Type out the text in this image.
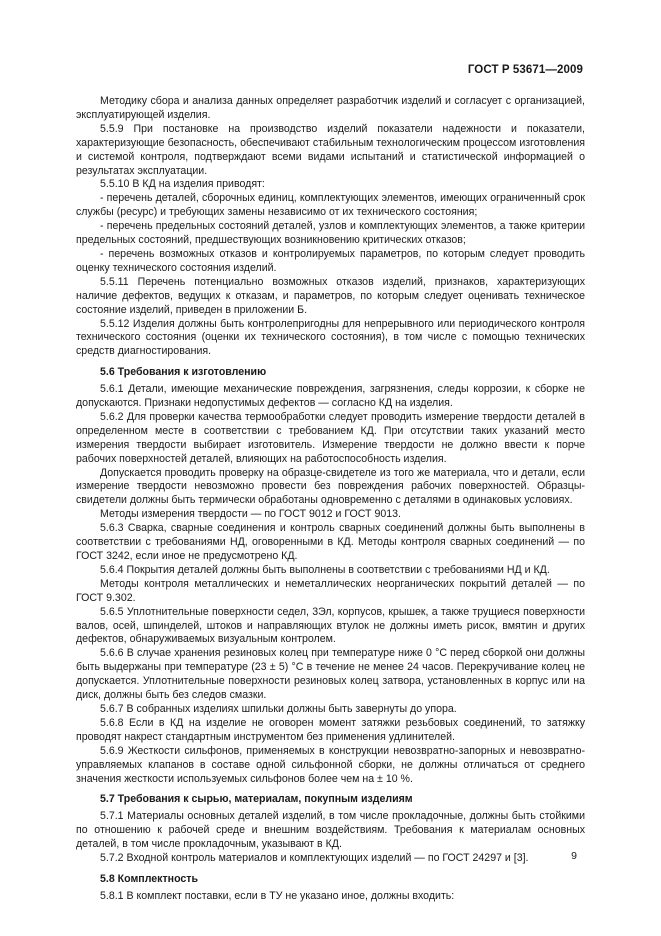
ГОСТ Р 53671—2009

Методику сбора и анализа данных определяет разработчик изделий и согласует с организацией, эксплуатирующей изделия.

5.5.9 При постановке на производство изделий показатели надежности и показатели, характеризующие безопасность, обеспечивают стабильным технологическим процессом изготовления и системой контроля, подтверждают всеми видами испытаний и статистической информацией о результатах эксплуатации.

5.5.10 В КД на изделия приводят:

- перечень деталей, сборочных единиц, комплектующих элементов, имеющих ограниченный срок службы (ресурс) и требующих замены независимо от их технического состояния;

- перечень предельных состояний деталей, узлов и комплектующих элементов, а также критерии предельных состояний, предшествующих возникновению критических отказов;

- перечень возможных отказов и контролируемых параметров, по которым следует проводить оценку технического состояния изделий.

5.5.11 Перечень потенциально возможных отказов изделий, признаков, характеризующих наличие дефектов, ведущих к отказам, и параметров, по которым следует оценивать техническое состояние изделий, приведен в приложении Б.

5.5.12 Изделия должны быть контролепригодны для непрерывного или периодического контроля технического состояния (оценки их технического состояния), в том числе с помощью технических средств диагностирования.

5.6 Требования к изготовлению

5.6.1 Детали, имеющие механические повреждения, загрязнения, следы коррозии, к сборке не допускаются. Признаки недопустимых дефектов — согласно КД на изделия.

5.6.2 Для проверки качества термообработки следует проводить измерение твердости деталей в определенном месте в соответствии с требованием КД. При отсутствии таких указаний место измерения твердости выбирает изготовитель. Измерение твердости не должно ввести к порче рабочих поверхностей деталей, влияющих на работоспособность изделия.

Допускается проводить проверку на образце-свидетеле из того же материала, что и детали, если измерение твердости невозможно провести без повреждения рабочих поверхностей. Образцы-свидетели должны быть термически обработаны одновременно с деталями в одинаковых условиях.

Методы измерения твердости — по ГОСТ 9012 и ГОСТ 9013.

5.6.3 Сварка, сварные соединения и контроль сварных соединений должны быть выполнены в соответствии с требованиями НД, оговоренными в КД. Методы контроля сварных соединений — по ГОСТ 3242, если иное не предусмотрено КД.

5.6.4 Покрытия деталей должны быть выполнены в соответствии с требованиями НД и КД.

Методы контроля металлических и неметаллических неорганических покрытий деталей — по ГОСТ 9.302.

5.6.5 Уплотнительные поверхности седел, 3Эл, корпусов, крышек, а также трущиеся поверхности валов, осей, шпинделей, штоков и направляющих втулок не должны иметь рисок, вмятин и других дефектов, обнаруживаемых визуальным контролем.

5.6.6 В случае хранения резиновых колец при температуре ниже 0 °С перед сборкой они должны быть выдержаны при температуре (23 ± 5) °С в течение не менее 24 часов. Перекручивание колец не допускается. Уплотнительные поверхности резиновых колец затвора, установленных в корпус или на диск, должны быть без следов смазки.

5.6.7 В собранных изделиях шпильки должны быть завернуты до упора.

5.6.8 Если в КД на изделие не оговорен момент затяжки резьбовых соединений, то затяжку проводят накрест стандартным инструментом без применения удлинителей.

5.6.9 Жесткости сильфонов, применяемых в конструкции невозвратно-запорных и невозвратно-управляемых клапанов в составе одной сильфонной сборки, не должны отличаться от среднего значения жесткости используемых сильфонов более чем на ± 10 %.

5.7 Требования к сырью, материалам, покупным изделиям

5.7.1 Материалы основных деталей изделий, в том числе прокладочные, должны быть стойкими по отношению к рабочей среде и внешним воздействиям. Требования к материалам основных деталей, в том числе прокладочным, указывают в КД.

5.7.2 Входной контроль материалов и комплектующих изделий — по ГОСТ 24297 и [3].

5.8 Комплектность

5.8.1 В комплект поставки, если в ТУ не указано иное, должны входить:

9
